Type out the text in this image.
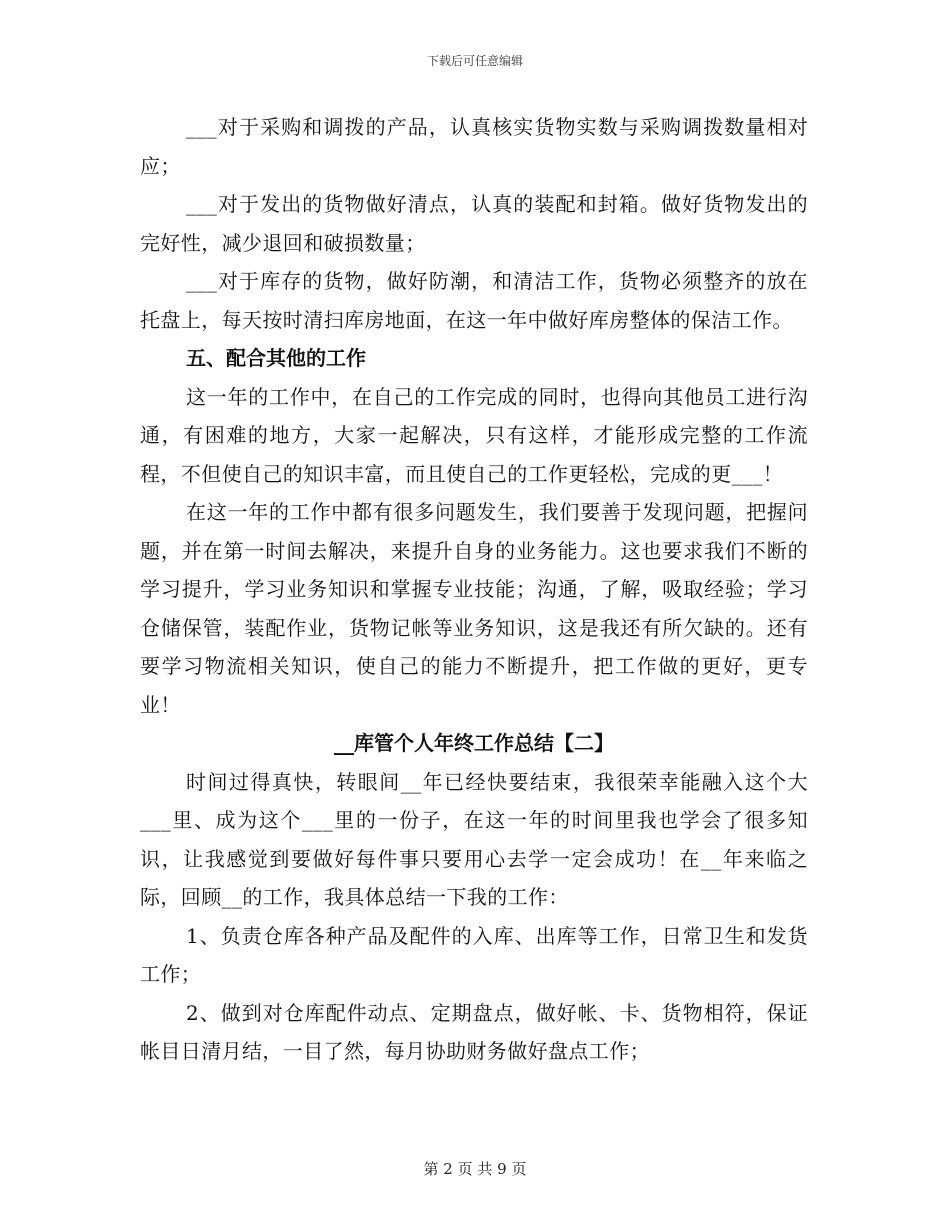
下载后可任意编辑

___对于采购和调拨的产品，认真核实货物实数与采购调拨数量相对应；

___对于发出的货物做好清点，认真的装配和封箱。做好货物发出的完好性，减少退回和破损数量；

___对于库存的货物，做好防潮，和清洁工作，货物必须整齐的放在托盘上，每天按时清扫库房地面，在这一年中做好库房整体的保洁工作。

五、配合其他的工作

这一年的工作中，在自己的工作完成的同时，也得向其他员工进行沟通，有困难的地方，大家一起解决，只有这样，才能形成完整的工作流程，不但使自己的知识丰富，而且使自己的工作更轻松，完成的更___！

在这一年的工作中都有很多问题发生，我们要善于发现问题，把握问题，并在第一时间去解决，来提升自身的业务能力。这也要求我们不断的学习提升，学习业务知识和掌握专业技能；沟通，了解，吸取经验；学习仓储保管，装配作业，货物记帐等业务知识，这是我还有所欠缺的。还有要学习物流相关知识，使自己的能力不断提升，把工作做的更好，更专业！

__库管个人年终工作总结【二】

时间过得真快，转眼间__年已经快要结束，我很荣幸能融入这个大___里、成为这个___里的一份子，在这一年的时间里我也学会了很多知识，让我感觉到要做好每件事只要用心去学一定会成功！在__年来临之际，回顾__的工作，我具体总结一下我的工作：

1、负责仓库各种产品及配件的入库、出库等工作，日常卫生和发货工作；

2、做到对仓库配件动点、定期盘点，做好帐、卡、货物相符，保证帐目日清月结，一目了然，每月协助财务做好盘点工作；

第 2 页 共 9 页
